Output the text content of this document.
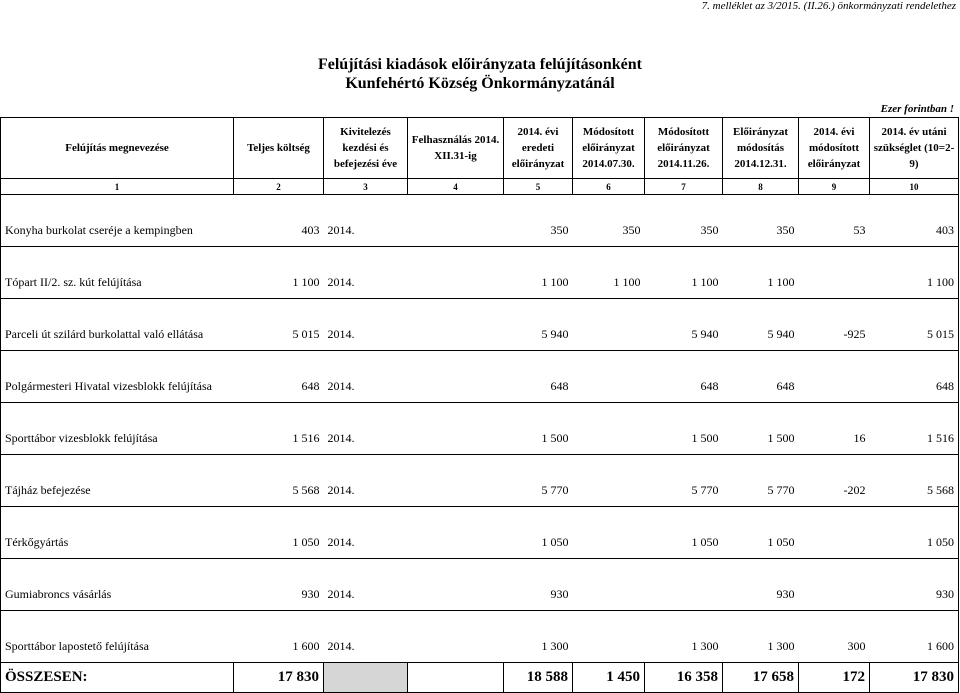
7. melléklet az 3/2015. (II.26.) önkormányzati rendelethez
Felújítási kiadások előirányzata felújításonként
Kunfehértó Község Önkormányzatánál
Ezer forintban !
Felújítás megnevezése	Teljes költség	Kivitelezés kezdési és befejezési éve	Felhasználás 2014. XII.31-ig	2014. évi eredeti előirányzat	Módosított előirányzat 2014.07.30.	Módosított előirányzat 2014.11.26.	Előirányzat módosítás 2014.12.31.	2014. évi módosított előirányzat	2014. év utáni szükséglet (10=2-9)
1	2	3	4	5	6	7	8	9	10
Konyha burkolat cseréje a kempingben	403	2014.		350	350	350	350	53	403
Tópart II/2. sz. kút felújítása	1 100	2014.		1 100	1 100	1 100	1 100		1 100
Parceli út szilárd burkolattal való ellátása	5 015	2014.		5 940		5 940	5 940	-925	5 015
Polgármesteri Hivatal vizesblokk felújítása	648	2014.		648		648	648		648
Sporttábor vizesblokk felújítása	1 516	2014.		1 500		1 500	1 500	16	1 516
Tájház befejezése	5 568	2014.		5 770		5 770	5 770	-202	5 568
Térkőgyártás	1 050	2014.		1 050		1 050	1 050		1 050
Gumiabroncs vásárlás	930	2014.		930			930		930
Sporttábor lapostető felújítása	1 600	2014.		1 300		1 300	1 300	300	1 600
ÖSSZESEN:	17 830			18 588	1 450	16 358	17 658	172	17 830
